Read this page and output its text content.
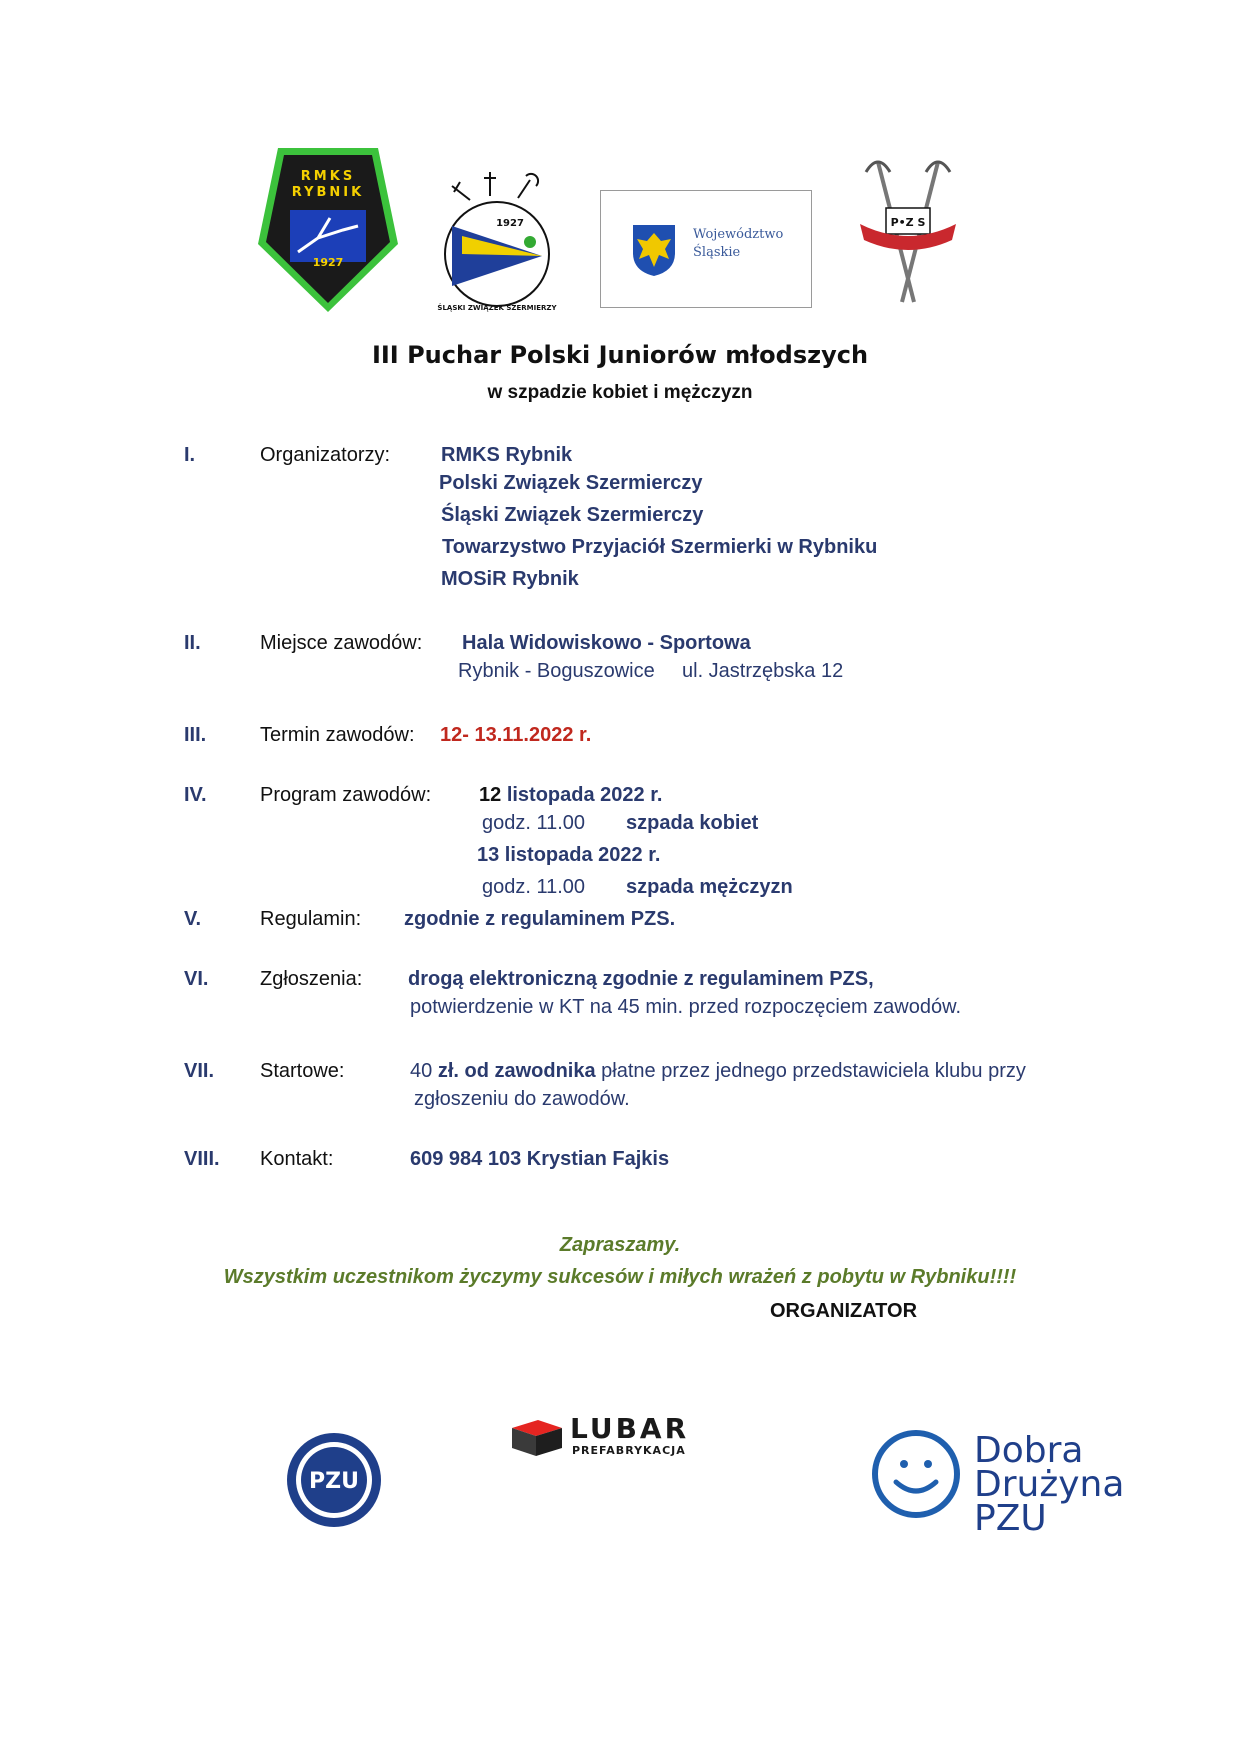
RMKS
RYBNIK
1927
1927
ŚLĄSKI ZWIĄZEK SZERMIERZY
Województwo
Śląskie
P•Z S
III Puchar Polski Juniorów młodszych
w szpadzie kobiet i mężczyzn
I.	Organizatorzy:	RMKS Rybnik
Polski Związek Szermierczy
Śląski Związek Szermierczy
Towarzystwo Przyjaciół Szermierki w Rybniku
MOSiR Rybnik
II.	Miejsce zawodów: Hala Widowiskowo - Sportowa
Rybnik - Boguszowice ul. Jastrzębska 12
III.	Termin zawodów: 12- 13.11.2022 r.
IV.	Program zawodów: 12 listopada 2022 r.
godz. 11.00 szpada kobiet
13 listopada 2022 r.
godz. 11.00 szpada mężczyzn
V.	Regulamin: zgodnie z regulaminem PZS.
VI.	Zgłoszenia: drogą elektroniczną zgodnie z regulaminem PZS,
potwierdzenie w KT na 45 min. przed rozpoczęciem zawodów.
VII. Startowe:	40 zł. od zawodnika płatne przez jednego przedstawiciela klubu przy
zgłoszeniu do zawodów.
VIII. Kontakt:	609 984 103 Krystian Fajkis
Zapraszamy.
Wszystkim uczestnikom życzymy sukcesów i miłych wrażeń z pobytu w Rybniku!!!!
ORGANIZATOR
PZU
LUBAR
PREFABRYKACJA	Dobra
Drużyna
PZU
